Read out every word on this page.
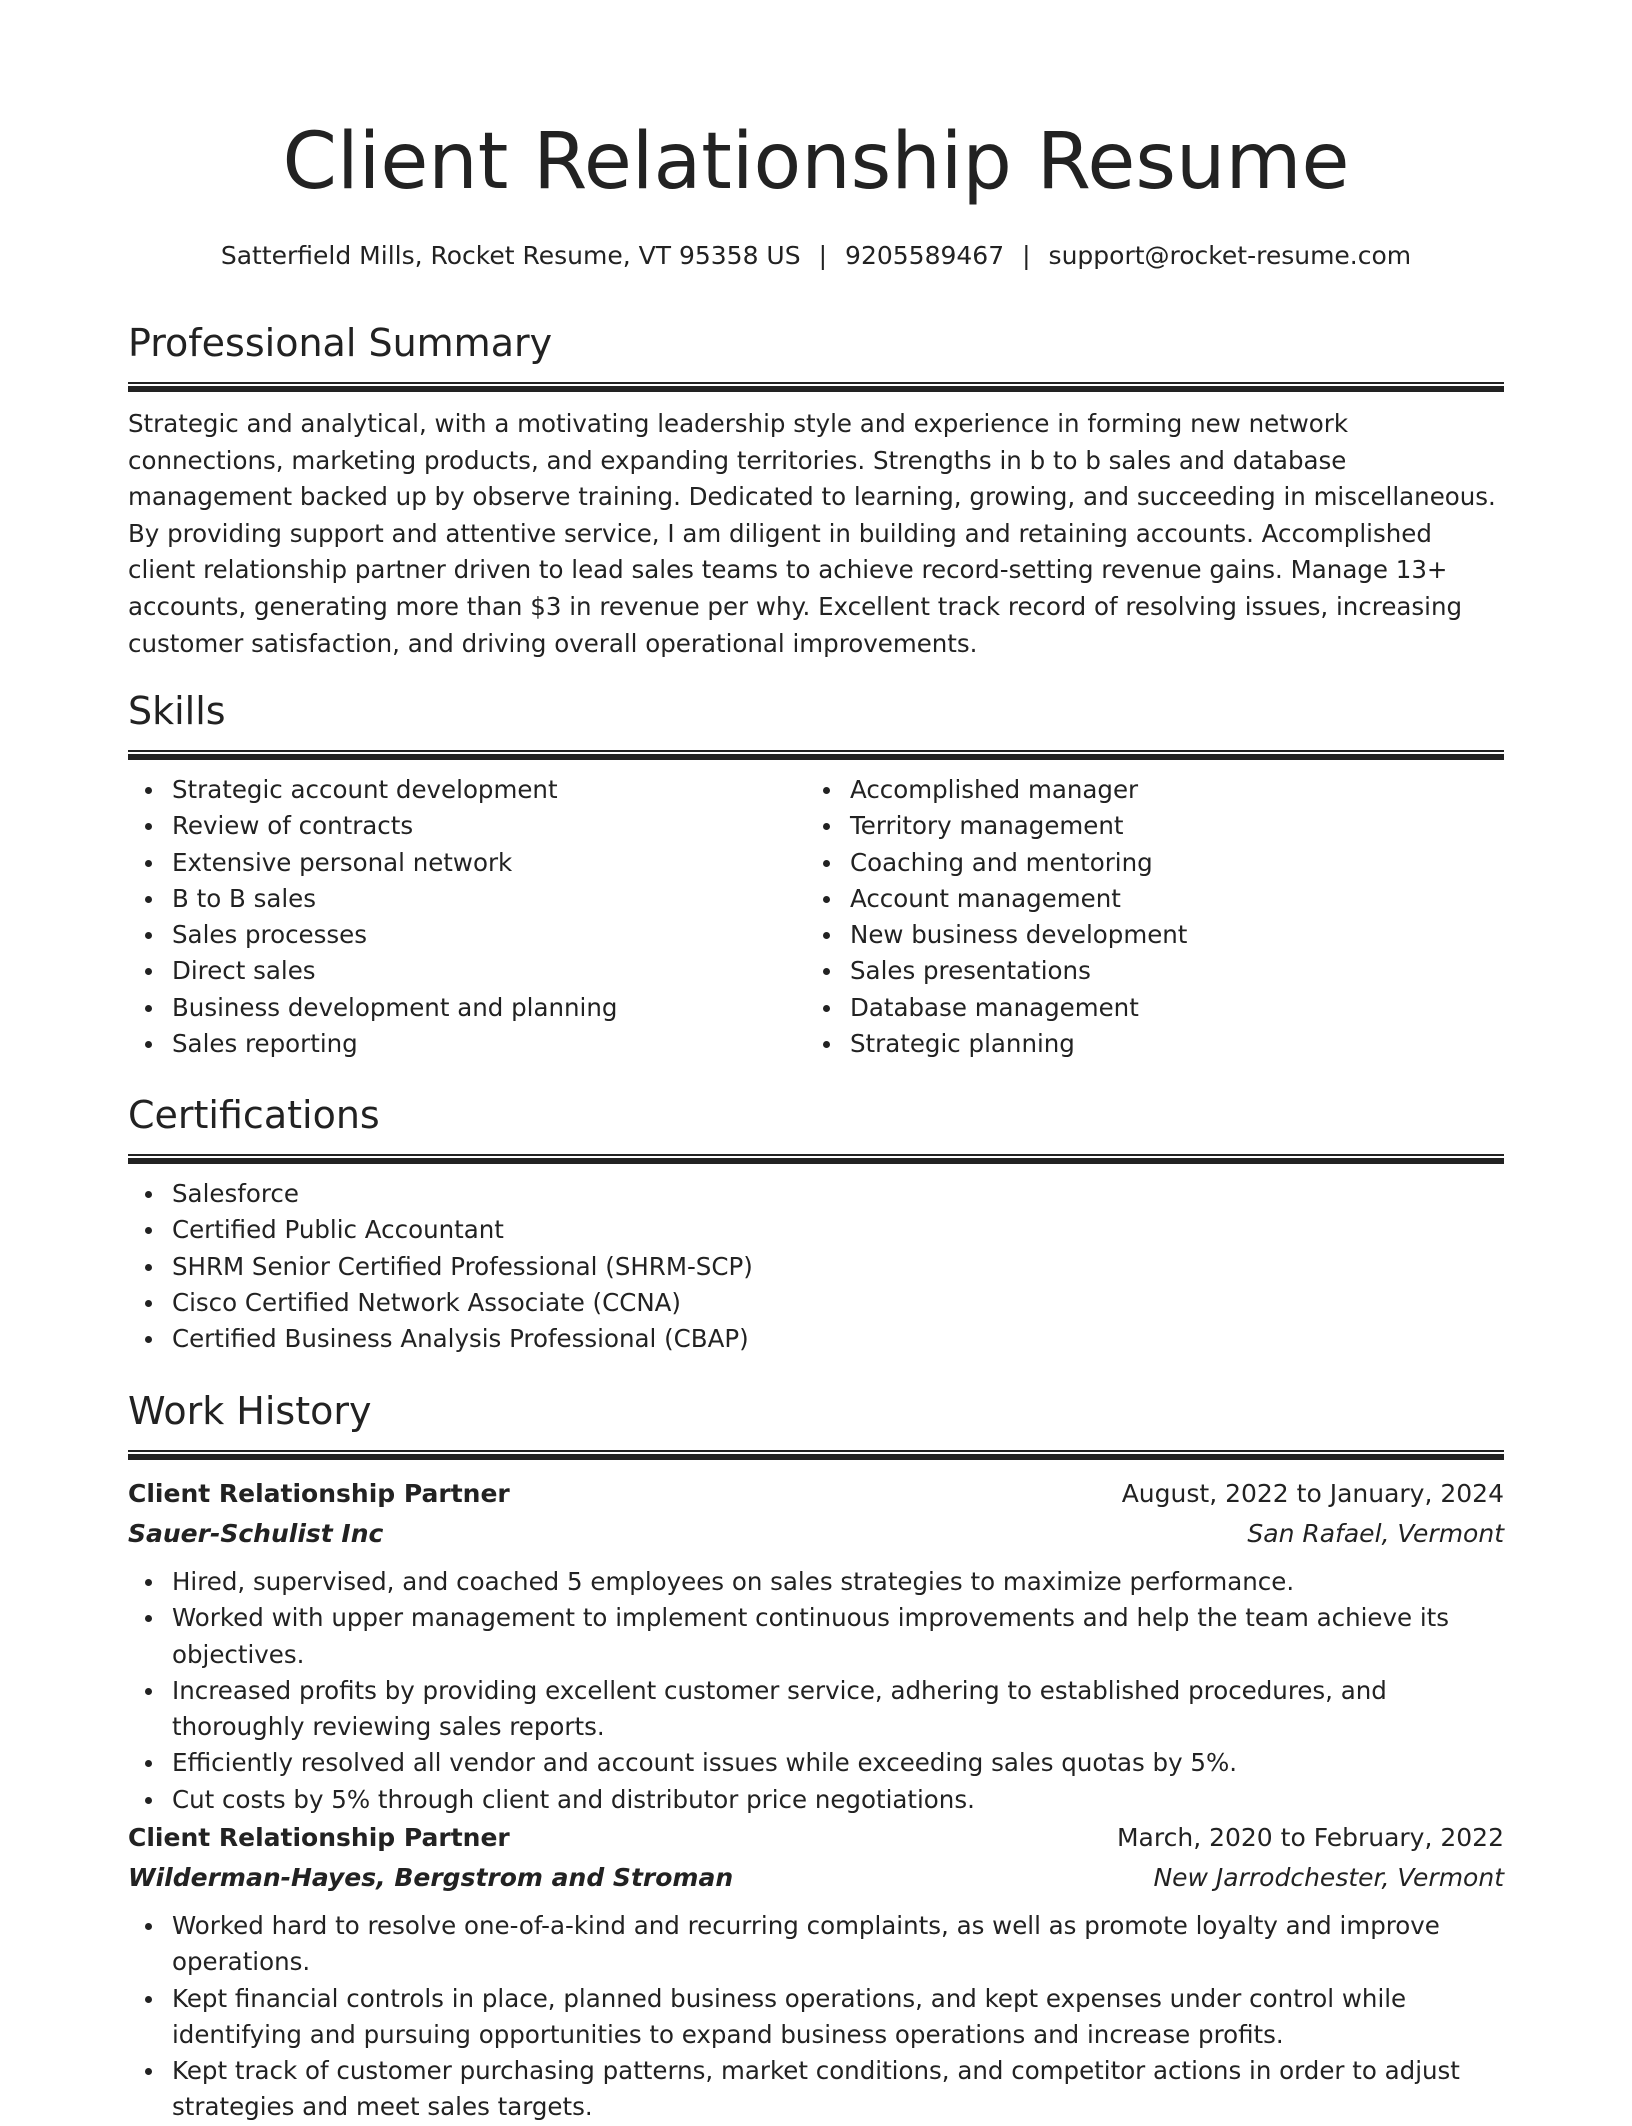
Client Relationship Resume
Satterfield Mills, Rocket Resume, VT 95358 US | 9205589467 | support@rocket-resume.com
Professional Summary

Strategic and analytical, with a motivating leadership style and experience in forming new network connections, marketing products, and expanding territories. Strengths in b to b sales and database management backed up by observe training. Dedicated to learning, growing, and succeeding in miscellaneous. By providing support and attentive service, I am diligent in building and retaining accounts. Accomplished client relationship partner driven to lead sales teams to achieve record-setting revenue gains. Manage 13+ accounts, generating more than $3 in revenue per why. Excellent track record of resolving issues, increasing customer satisfaction, and driving overall operational improvements.

Skills
Strategic account development
Review of contracts
Extensive personal network
B to B sales
Sales processes
Direct sales
Business development and planning
Sales reporting
Accomplished manager
Territory management
Coaching and mentoring
Account management
New business development
Sales presentations
Database management
Strategic planning
Certifications
Salesforce
Certified Public Accountant
SHRM Senior Certified Professional (SHRM-SCP)
Cisco Certified Network Associate (CCNA)
Certified Business Analysis Professional (CBAP)
Work History
Client Relationship Partner	August, 2022 to January, 2024
Sauer-Schulist Inc	San Rafael, Vermont
Hired, supervised, and coached 5 employees on sales strategies to maximize performance.
Worked with upper management to implement continuous improvements and help the team achieve its objectives.
Increased profits by providing excellent customer service, adhering to established procedures, and thoroughly reviewing sales reports.
Efficiently resolved all vendor and account issues while exceeding sales quotas by 5%.
Cut costs by 5% through client and distributor price negotiations.
Client Relationship Partner	March, 2020 to February, 2022
Wilderman-Hayes, Bergstrom and Stroman	New Jarrodchester, Vermont
Worked hard to resolve one-of-a-kind and recurring complaints, as well as promote loyalty and improve operations.
Kept financial controls in place, planned business operations, and kept expenses under control while identifying and pursuing opportunities to expand business operations and increase profits.
Kept track of customer purchasing patterns, market conditions, and competitor actions in order to adjust strategies and meet sales targets.
